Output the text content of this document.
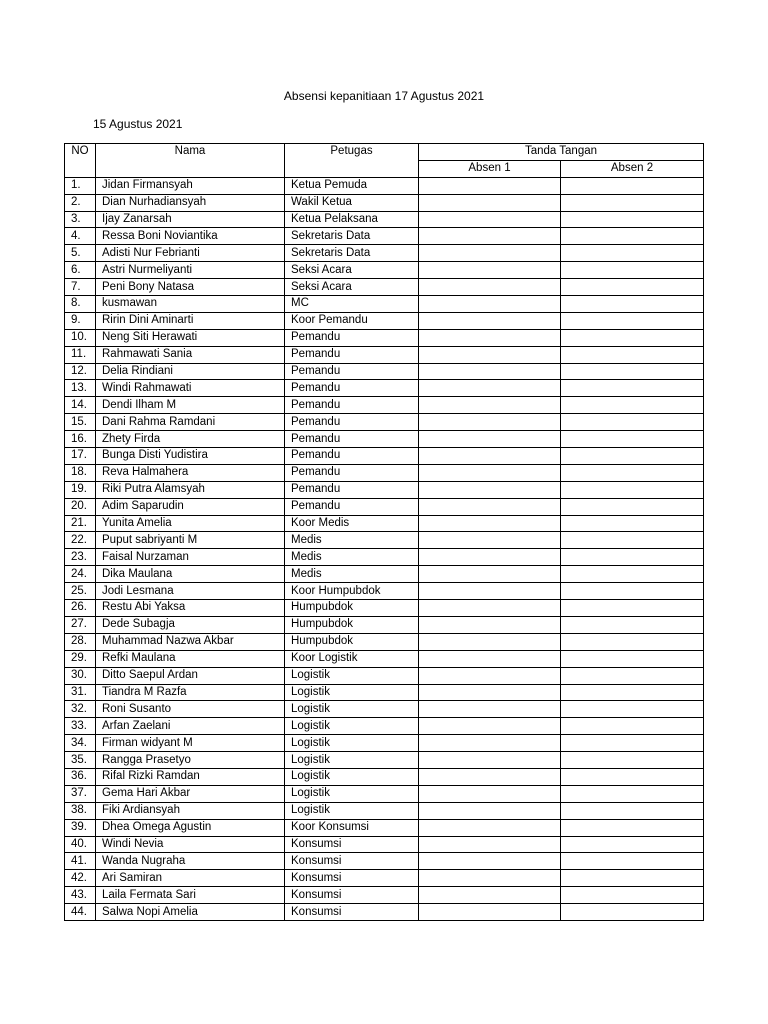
Absensi kepanitiaan 17 Agustus 2021
15 Agustus 2021
NO	Nama	Petugas	Tanda Tangan	
			Absen 1	Absen 2
1.	Jidan Firmansyah	Ketua Pemuda		
2.	Dian Nurhadiansyah	Wakil Ketua		
3.	Ijay Zanarsah	Ketua Pelaksana		
4.	Ressa Boni Noviantika	Sekretaris Data		
5.	Adisti Nur Febrianti	Sekretaris Data		
6.	Astri Nurmeliyanti	Seksi Acara		
7.	Peni Bony Natasa	Seksi Acara		
8.	kusmawan	MC		
9.	Ririn Dini Aminarti	Koor Pemandu		
10.	Neng Siti Herawati	Pemandu		
11.	Rahmawati Sania	Pemandu		
12.	Delia Rindiani	Pemandu		
13.	Windi Rahmawati	Pemandu		
14.	Dendi Ilham M	Pemandu		
15.	Dani Rahma Ramdani	Pemandu		
16.	Zhety Firda	Pemandu		
17.	Bunga Disti Yudistira	Pemandu		
18.	Reva Halmahera	Pemandu		
19.	Riki Putra Alamsyah	Pemandu		
20.	Adim Saparudin	Pemandu		
21.	Yunita Amelia	Koor Medis		
22.	Puput sabriyanti M	Medis		
23.	Faisal Nurzaman	Medis		
24.	Dika Maulana	Medis		
25.	Jodi Lesmana	Koor Humpubdok		
26.	Restu Abi Yaksa	Humpubdok		
27.	Dede Subagja	Humpubdok		
28.	Muhammad Nazwa Akbar	Humpubdok		
29.	Refki Maulana	Koor Logistik		
30.	Ditto Saepul Ardan	Logistik		
31.	Tiandra M Razfa	Logistik		
32.	Roni Susanto	Logistik		
33.	Arfan Zaelani	Logistik		
34.	Firman widyant M	Logistik		
35.	Rangga Prasetyo	Logistik		
36.	Rifal Rizki Ramdan	Logistik		
37.	Gema Hari Akbar	Logistik		
38.	Fiki Ardiansyah	Logistik		
39.	Dhea Omega Agustin	Koor Konsumsi		
40.	Windi Nevia	Konsumsi		
41.	Wanda Nugraha	Konsumsi		
42.	Ari Samiran	Konsumsi		
43.	Laila Fermata Sari	Konsumsi		
44.	Salwa Nopi Amelia	Konsumsi		
